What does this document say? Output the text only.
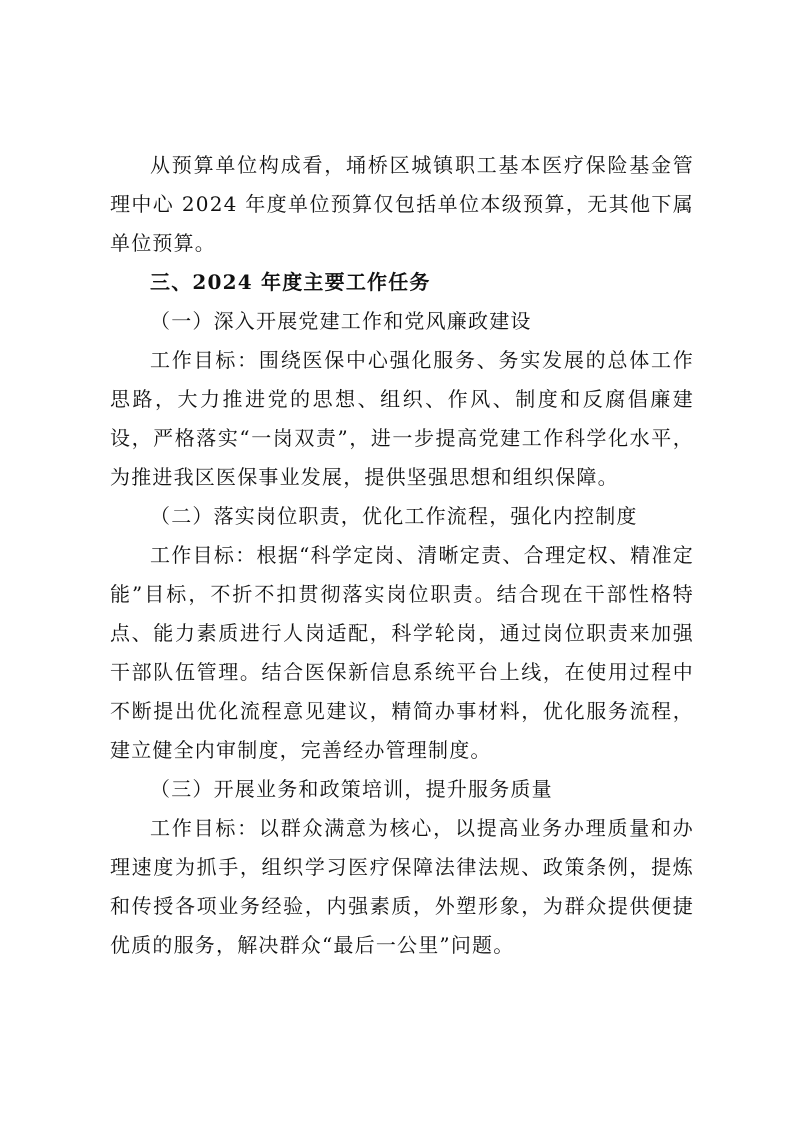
从预算单位构成看，埇桥区城镇职工基本医疗保险基金管理中心 2024 年度单位预算仅包括单位本级预算，无其他下属单位预算。

三、2024 年度主要工作任务

（一）深入开展党建工作和党风廉政建设

工作目标：围绕医保中心强化服务、务实发展的总体工作思路，大力推进党的思想、组织、作风、制度和反腐倡廉建设，严格落实“一岗双责”，进一步提高党建工作科学化水平，为推进我区医保事业发展，提供坚强思想和组织保障。

（二）落实岗位职责，优化工作流程，强化内控制度

工作目标：根据“科学定岗、清晰定责、合理定权、精准定能”目标，不折不扣贯彻落实岗位职责。结合现在干部性格特点、能力素质进行人岗适配，科学轮岗，通过岗位职责来加强干部队伍管理。结合医保新信息系统平台上线，在使用过程中不断提出优化流程意见建议，精简办事材料，优化服务流程，建立健全内审制度，完善经办管理制度。

（三）开展业务和政策培训，提升服务质量

工作目标：以群众满意为核心，以提高业务办理质量和办理速度为抓手，组织学习医疗保障法律法规、政策条例，提炼和传授各项业务经验，内强素质，外塑形象，为群众提供便捷优质的服务，解决群众“最后一公里”问题。
